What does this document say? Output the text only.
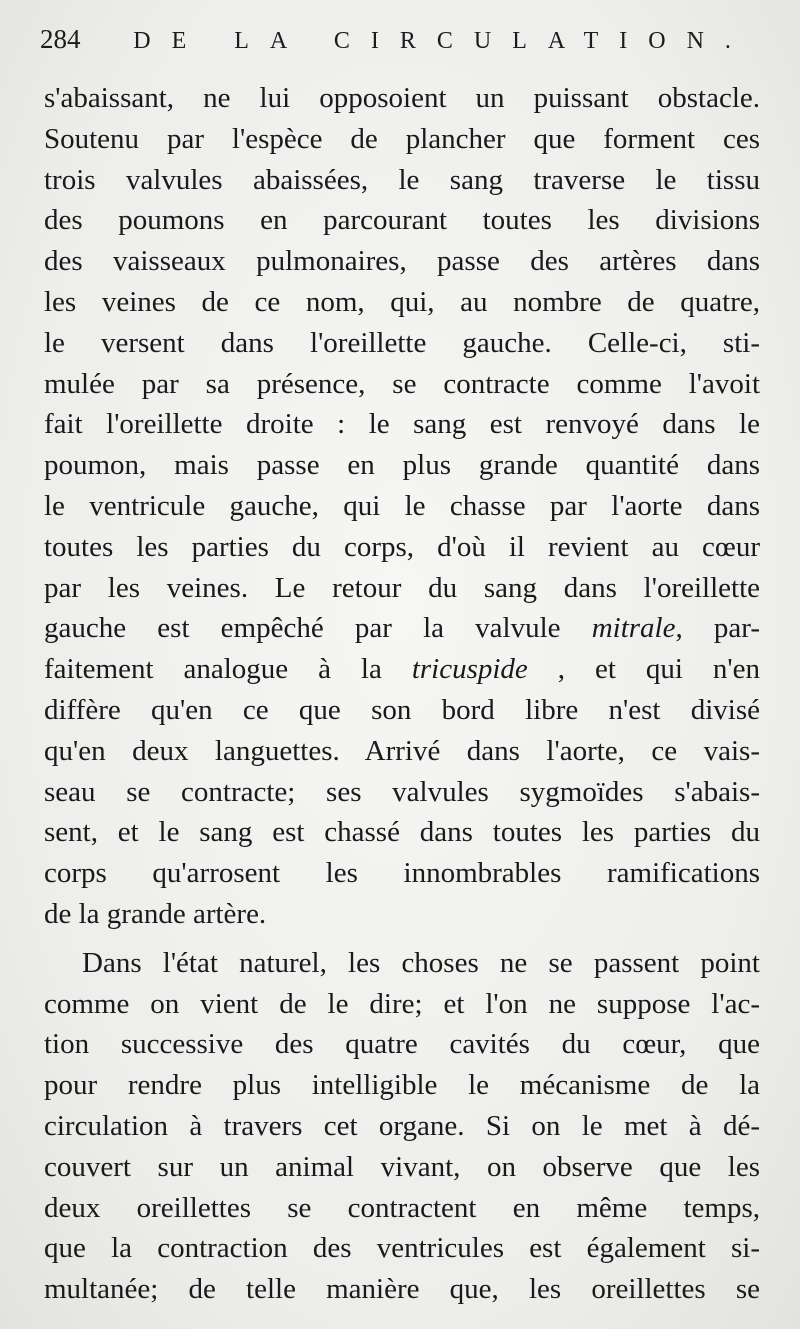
284 DE LA CIRCULATION.
s'abaissant, ne lui opposoient un puissant obstacle.
Soutenu par l'espèce de plancher que forment ces
trois valvules abaissées, le sang traverse le tissu
des poumons en parcourant toutes les divisions
des vaisseaux pulmonaires, passe des artères dans
les veines de ce nom, qui, au nombre de quatre,
le versent dans l'oreillette gauche. Celle-ci, sti-
mulée par sa présence, se contracte comme l'avoit
fait l'oreillette droite : le sang est renvoyé dans le
poumon, mais passe en plus grande quantité dans
le ventricule gauche, qui le chasse par l'aorte dans
toutes les parties du corps, d'où il revient au cœur
par les veines. Le retour du sang dans l'oreillette
gauche est empêché par la valvule mitrale, par-
faitement analogue à la tricuspide , et qui n'en
diffère qu'en ce que son bord libre n'est divisé
qu'en deux languettes. Arrivé dans l'aorte, ce vais-
seau se contracte; ses valvules sygmoïdes s'abais-
sent, et le sang est chassé dans toutes les parties du
corps qu'arrosent les innombrables ramifications
de la grande artère.
Dans l'état naturel, les choses ne se passent point
comme on vient de le dire; et l'on ne suppose l'ac-
tion successive des quatre cavités du cœur, que
pour rendre plus intelligible le mécanisme de la
circulation à travers cet organe. Si on le met à dé-
couvert sur un animal vivant, on observe que les
deux oreillettes se contractent en même temps,
que la contraction des ventricules est également si-
multanée; de telle manière que, les oreillettes se
